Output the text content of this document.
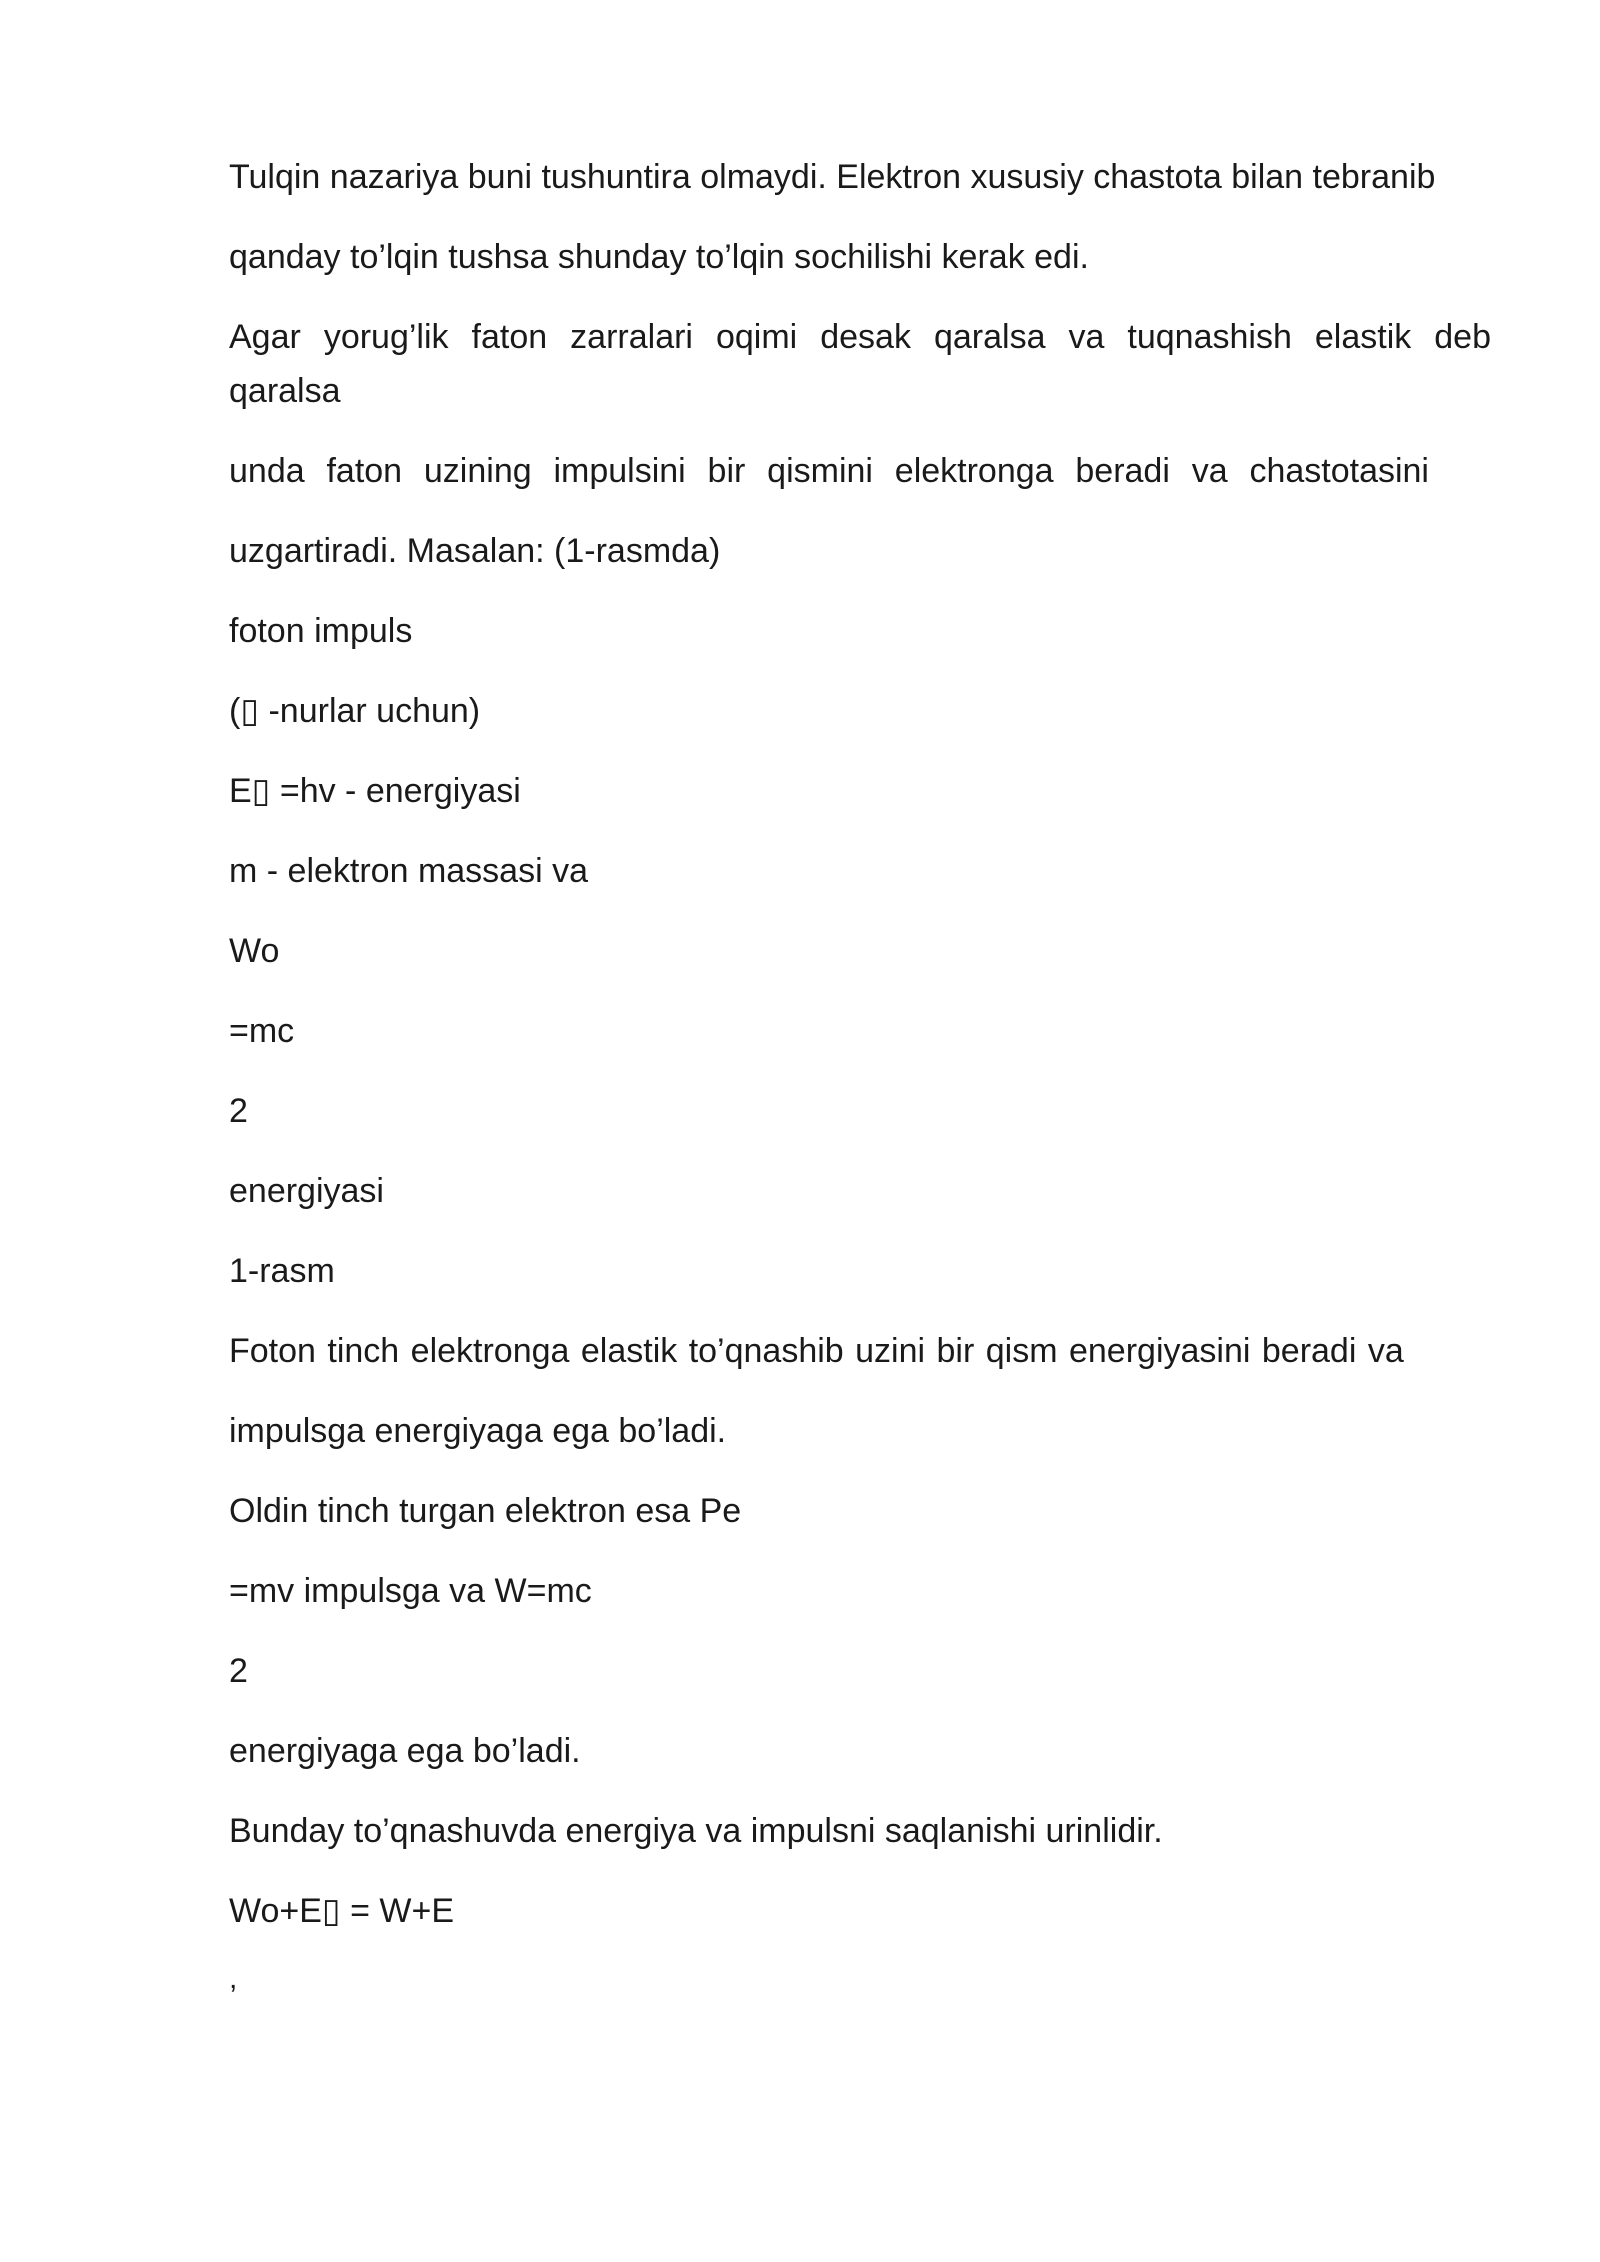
Tulqin nazariya buni tushuntira olmaydi. Elektron xususiy chastota bilan tebranib

qanday to’lqin tushsa shunday to’lqin sochilishi kerak edi.

Agar yorug’lik faton zarralari oqimi desak qaralsa va tuqnashish elastik deb qaralsa

unda faton uzining impulsini bir qismini elektronga beradi va chastotasini

uzgartiradi. Masalan: (1-rasmda)

foton impuls

(▯ -nurlar uchun)

E▯ =hv - energiyasi

m - elektron massasi va

Wo

=mc

2

energiyasi

1-rasm

Foton tinch elektronga elastik to’qnashib uzini bir qism energiyasini beradi va

impulsga energiyaga ega bo’ladi.

Oldin tinch turgan elektron esa Pe

=mv impulsga va W=mc

2

energiyaga ega bo’ladi.

Bunday to’qnashuvda energiya va impulsni saqlanishi urinlidir.

Wo+E▯ = W+E

,
